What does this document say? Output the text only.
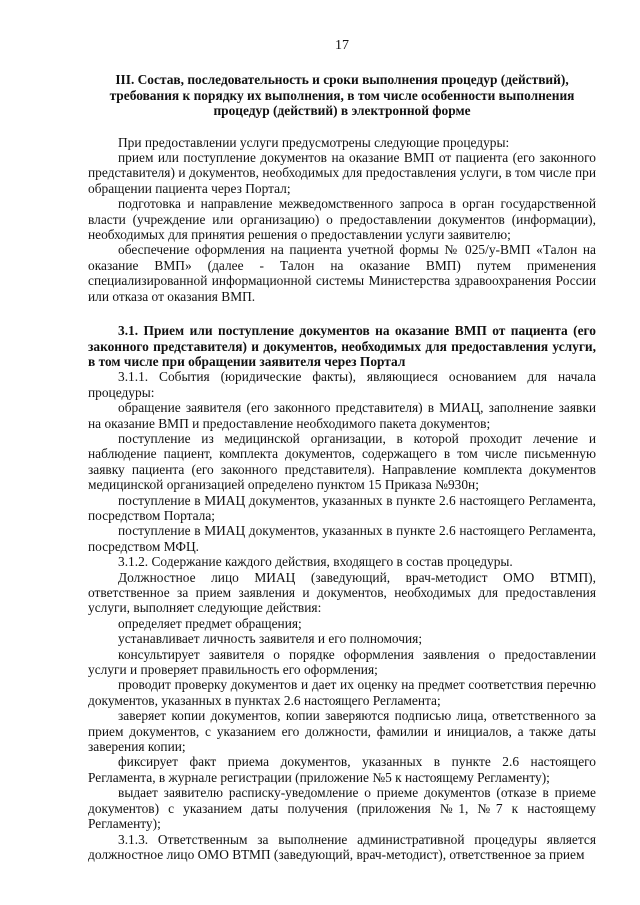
17
III. Состав, последовательность и сроки выполнения процедур (действий), требования к порядку их выполнения, в том числе особенности выполнения процедур (действий) в электронной форме

При предоставлении услуги предусмотрены следующие процедуры:

прием или поступление документов на оказание ВМП от пациента (его законного представителя) и документов, необходимых для предоставления услуги, в том числе при обращении пациента через Портал;

подготовка и направление межведомственного запроса в орган государственной власти (учреждение или организацию) о предоставлении документов (информации), необходимых для принятия решения о предоставлении услуги заявителю;

обеспечение оформления на пациента учетной формы № 025/у-ВМП «Талон на оказание ВМП» (далее - Талон на оказание ВМП) путем применения специализированной информационной системы Министерства здравоохранения России или отказа от оказания ВМП.

3.1. Прием или поступление документов на оказание ВМП от пациента (его законного представителя) и документов, необходимых для предоставления услуги, в том числе при обращении заявителя через Портал

3.1.1. События (юридические факты), являющиеся основанием для начала процедуры:

обращение заявителя (его законного представителя) в МИАЦ, заполнение заявки на оказание ВМП и предоставление необходимого пакета документов;

поступление из медицинской организации, в которой проходит лечение и наблюдение пациент, комплекта документов, содержащего в том числе письменную заявку пациента (его законного представителя). Направление комплекта документов медицинской организацией определено пунктом 15 Приказа №930н;

поступление в МИАЦ документов, указанных в пункте 2.6 настоящего Регламента, посредством Портала;

поступление в МИАЦ документов, указанных в пункте 2.6 настоящего Регламента, посредством МФЦ.

3.1.2. Содержание каждого действия, входящего в состав процедуры.

Должностное лицо МИАЦ (заведующий, врач-методист ОМО ВТМП), ответственное за прием заявления и документов, необходимых для предоставления услуги, выполняет следующие действия:

определяет предмет обращения;

устанавливает личность заявителя и его полномочия;

консультирует заявителя о порядке оформления заявления о предоставлении услуги и проверяет правильность его оформления;

проводит проверку документов и дает их оценку на предмет соответствия перечню документов, указанных в пунктах 2.6 настоящего Регламента;

заверяет копии документов, копии заверяются подписью лица, ответственного за прием документов, с указанием его должности, фамилии и инициалов, а также даты заверения копии;

фиксирует факт приема документов, указанных в пункте 2.6 настоящего Регламента, в журнале регистрации (приложение №5 к настоящему Регламенту);

выдает заявителю расписку-уведомление о приеме документов (отказе в приеме документов) с указанием даты получения (приложения №1, №7 к настоящему Регламенту);

3.1.3. Ответственным за выполнение административной процедуры является должностное лицо ОМО ВТМП (заведующий, врач-методист), ответственное за прием
